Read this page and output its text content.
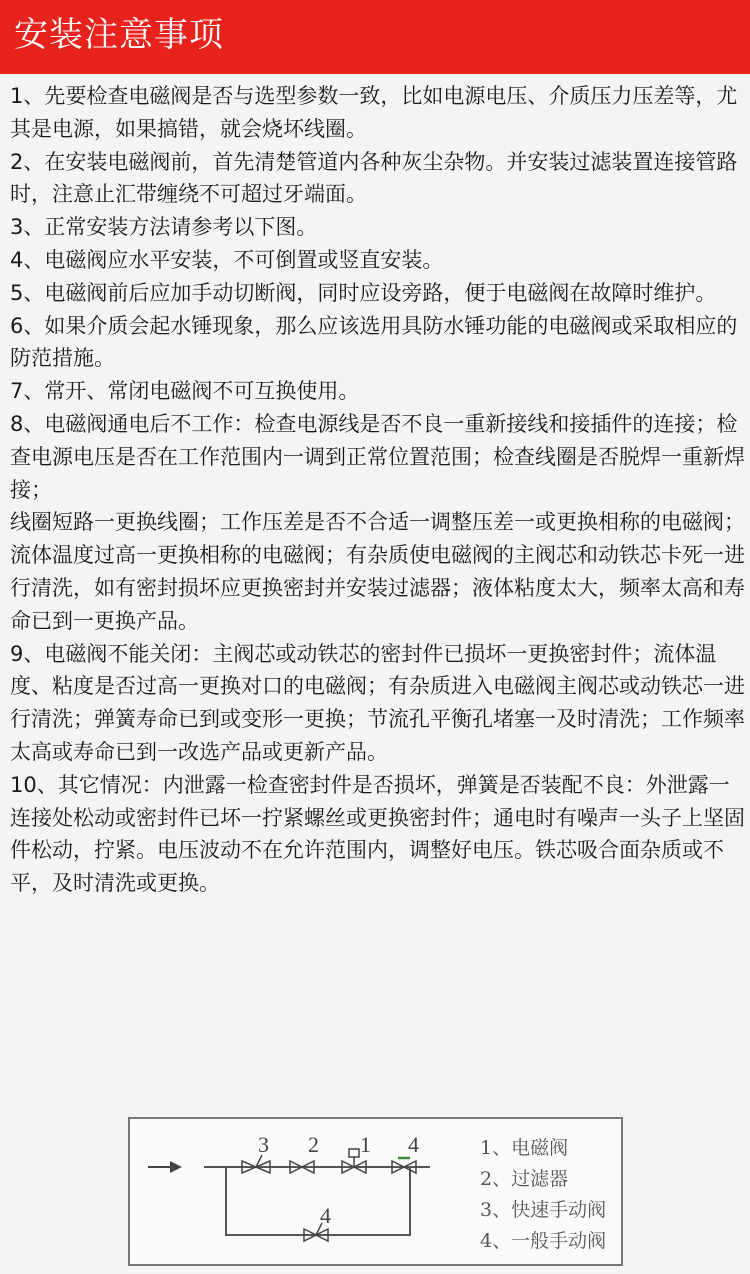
安装注意事项

1、先要检查电磁阀是否与选型参数一致，比如电源电压、介质压力压差等，尤其是电源，如果搞错，就会烧坏线圈。

2、在安装电磁阀前，首先清楚管道内各种灰尘杂物。并安装过滤装置连接管路时，注意止汇带缠绕不可超过牙端面。

3、正常安装方法请参考以下图。

4、电磁阀应水平安装，不可倒置或竖直安装。

5、电磁阀前后应加手动切断阀，同时应设旁路，便于电磁阀在故障时维护。

6、如果介质会起水锤现象，那么应该选用具防水锤功能的电磁阀或采取相应的防范措施。

7、常开、常闭电磁阀不可互换使用。

8、电磁阀通电后不工作：检查电源线是否不良一重新接线和接插件的连接；检查电源电压是否在工作范围内一调到正常位置范围；检查线圈是否脱焊一重新焊接；

线圈短路一更换线圈；工作压差是否不合适一调整压差一或更换相称的电磁阀；流体温度过高一更换相称的电磁阀；有杂质使电磁阀的主阀芯和动铁芯卡死一进行清洗，如有密封损坏应更换密封并安装过滤器；液体粘度太大，频率太高和寿命已到一更换产品。

9、电磁阀不能关闭：主阀芯或动铁芯的密封件已损坏一更换密封件；流体温度、粘度是否过高一更换对口的电磁阀；有杂质进入电磁阀主阀芯或动铁芯一进行清洗；弹簧寿命已到或变形一更换；节流孔平衡孔堵塞一及时清洗；工作频率太高或寿命已到一改选产品或更新产品。

10、其它情况：内泄露一检查密封件是否损坏，弹簧是否装配不良：外泄露一连接处松动或密封件已坏一拧紧螺丝或更换密封件；通电时有噪声一头子上坚固件松动，拧紧。电压波动不在允许范围内，调整好电压。铁芯吸合面杂质或不平，及时清洗或更换。

3 2 1 4
4
1、电磁阀
2、过滤器
3、快速手动阀
4、一般手动阀
